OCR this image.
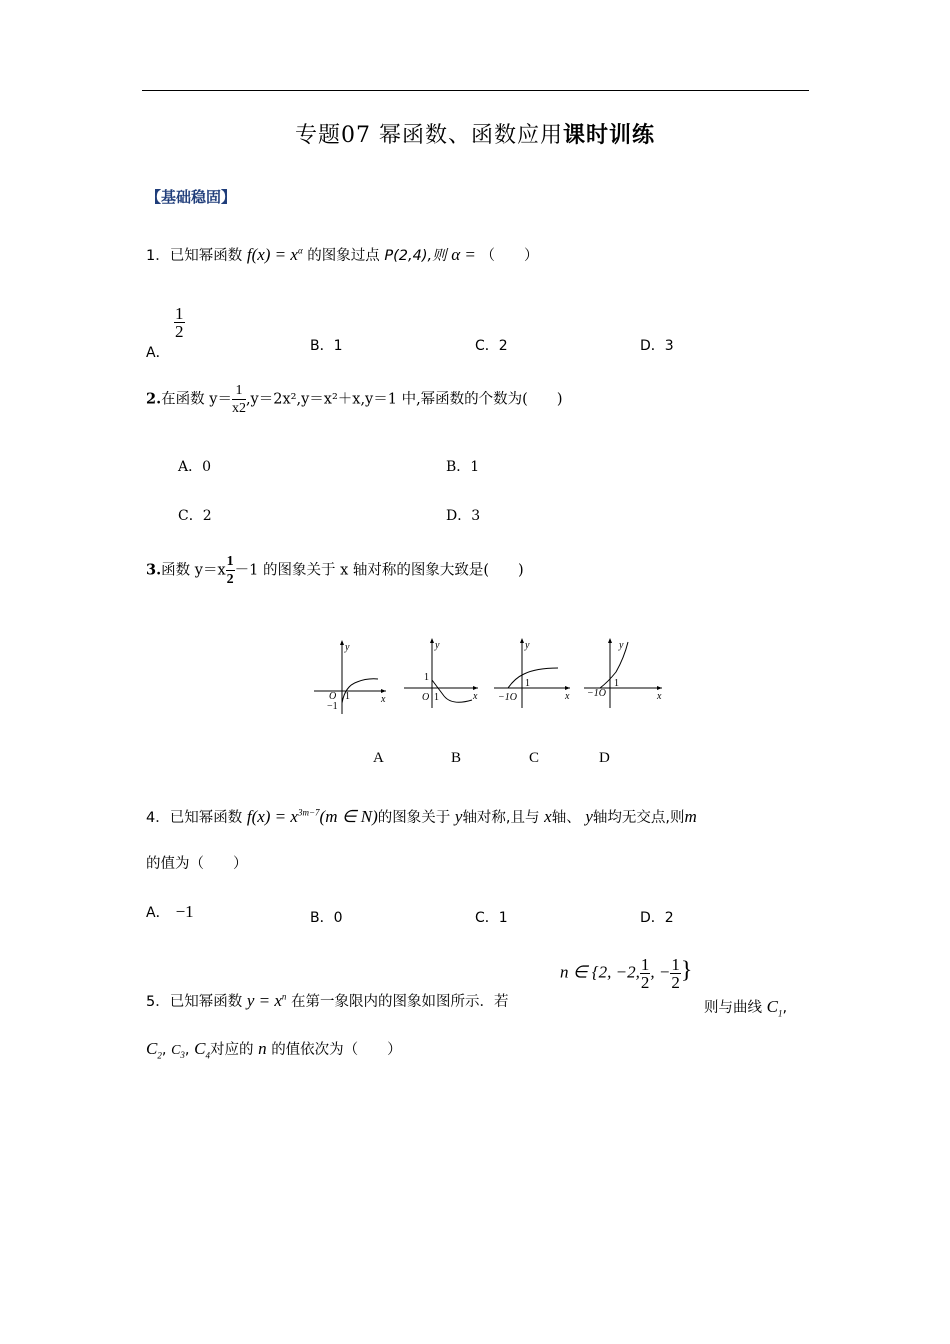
专题07 幂函数、函数应用课时训练
【基础稳固】
1．已知幂函数 $f(x) = x^\alpha$ 的图象过点 P(2,4),则 α = （　　）
A．
$\frac{1}{2}$
B．1	C．2	D．3
2.在函数 $y= \frac{1}{x2} ,y=2x^2,y=x^2+x,y=1$ 中,幂函数的个数为(　　)
A．0	B．1
C．2	D．3
3.函数 $y=x \frac{1}{2} -1$ 的图象关于 x 轴对称的图象大致是(　　)
y
x
O 1
−1
y
x
1
O 1
y
x
1
−1O
y
x
1
−1O
A	B	C	D
4．已知幂函数 $f(x) = x^{3m-7}(m$ ∈ N)的图象关于 y轴对称,且与 x轴、 y轴均无交点,则m
的值为（　　）
A． −1	B．0	C．1	D．2
5．已知幂函数 $y = x^n$ 在第一象限内的图象如图所示．若
n ∈ {2, −2, $\frac{1}{2}$ , − $\frac{1}{2}$ }
则与曲线 $C_1$,
$C_2$, $C_3$, $C_4$对应的 n 的值依次为（　　）
